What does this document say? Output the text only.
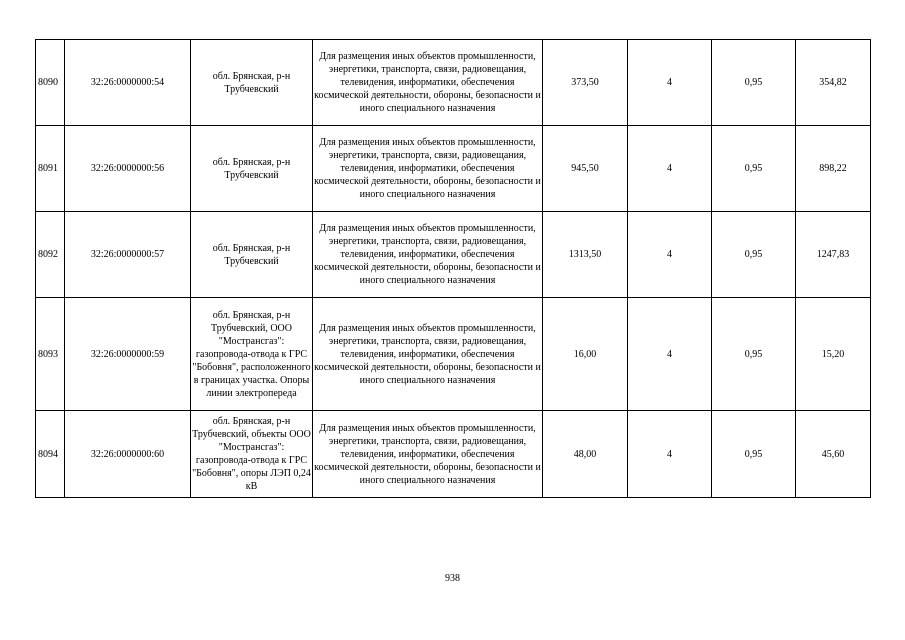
8090	32:26:0000000:54	обл. Брянская, р-н Трубчевский	Для размещения иных объектов промышленности, энергетики, транспорта, связи, радиовещания, телевидения, информатики, обеспечения космической деятельности, обороны, безопасности и иного специального назначения	373,50	4	0,95	354,82
8091	32:26:0000000:56	обл. Брянская, р-н Трубчевский	Для размещения иных объектов промышленности, энергетики, транспорта, связи, радиовещания, телевидения, информатики, обеспечения космической деятельности, обороны, безопасности и иного специального назначения	945,50	4	0,95	898,22
8092	32:26:0000000:57	обл. Брянская, р-н Трубчевский	Для размещения иных объектов промышленности, энергетики, транспорта, связи, радиовещания, телевидения, информатики, обеспечения космической деятельности, обороны, безопасности и иного специального назначения	1313,50	4	0,95	1247,83
8093	32:26:0000000:59	обл. Брянская, р-н Трубчевский, ООО "Мострансгаз": газопровода-отвода к ГРС "Бобовня", расположенного в границах участка. Опоры линии электропереда	Для размещения иных объектов промышленности, энергетики, транспорта, связи, радиовещания, телевидения, информатики, обеспечения космической деятельности, обороны, безопасности и иного специального назначения	16,00	4	0,95	15,20
8094	32:26:0000000:60	обл. Брянская, р-н Трубчевский, объекты ООО "Мострансгаз": газопровода-отвода к ГРС "Бобовня", опоры ЛЭП 0,24 кВ	Для размещения иных объектов промышленности, энергетики, транспорта, связи, радиовещания, телевидения, информатики, обеспечения космической деятельности, обороны, безопасности и иного специального назначения	48,00	4	0,95	45,60
938
